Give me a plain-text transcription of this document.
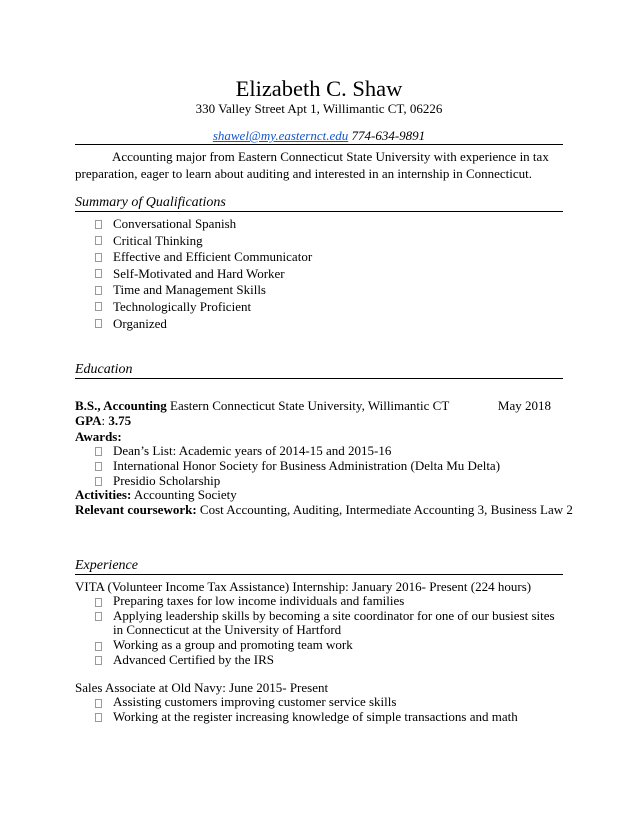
Elizabeth C. Shaw
330 Valley Street Apt 1, Willimantic CT, 06226
shawel@my.easternct.edu 774-634-9891
Accounting major from Eastern Connecticut State University with experience in tax preparation, eager to learn about auditing and interested in an internship in Connecticut.
Summary of Qualifications
Conversational Spanish
Critical Thinking
Effective and Efficient Communicator
Self-Motivated and Hard Worker
Time and Management Skills
Technologically Proficient
Organized
Education
B.S., Accounting Eastern Connecticut State University, Willimantic CT	May 2018
GPA: 3.75
Awards:
Dean’s List: Academic years of 2014-15 and 2015-16
International Honor Society for Business Administration (Delta Mu Delta)
Presidio Scholarship
Activities: Accounting Society
Relevant coursework: Cost Accounting, Auditing, Intermediate Accounting 3, Business Law 2
Experience
VITA (Volunteer Income Tax Assistance) Internship: January 2016- Present (224 hours)
Preparing taxes for low income individuals and families
Applying leadership skills by becoming a site coordinator for one of our busiest sites in Connecticut at the University of Hartford
Working as a group and promoting team work
Advanced Certified by the IRS
Sales Associate at Old Navy: June 2015- Present
Assisting customers improving customer service skills
Working at the register increasing knowledge of simple transactions and math
